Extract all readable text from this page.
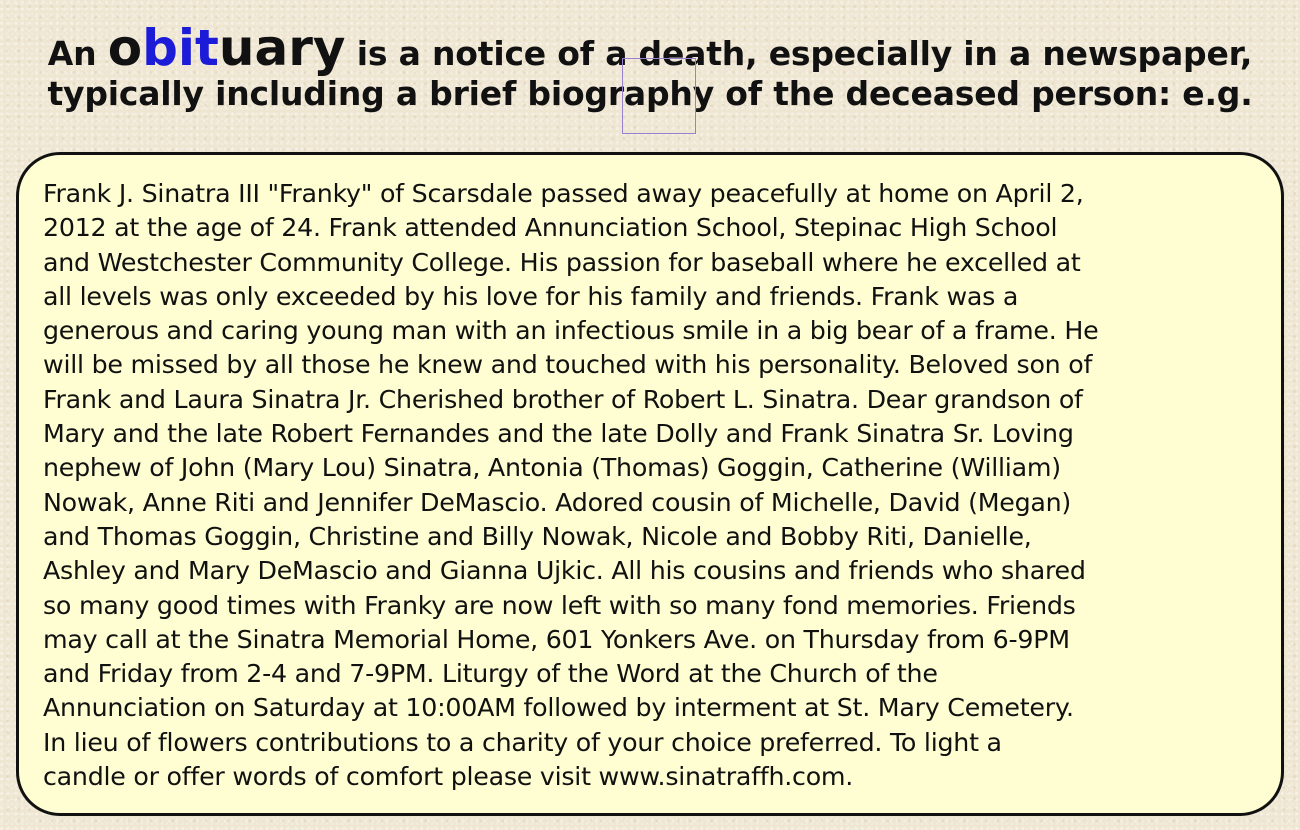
An obituary is a notice of a death, especially in a newspaper,
typically including a brief biography of the deceased person: e.g.

Frank J. Sinatra III "Franky" of Scarsdale passed away peacefully at home on April 2,
2012 at the age of 24. Frank attended Annunciation School, Stepinac High School
and Westchester Community College. His passion for baseball where he excelled at
all levels was only exceeded by his love for his family and friends. Frank was a
generous and caring young man with an infectious smile in a big bear of a frame. He
will be missed by all those he knew and touched with his personality. Beloved son of
Frank and Laura Sinatra Jr. Cherished brother of Robert L. Sinatra. Dear grandson of
Mary and the late Robert Fernandes and the late Dolly and Frank Sinatra Sr. Loving
nephew of John (Mary Lou) Sinatra, Antonia (Thomas) Goggin, Catherine (William)
Nowak, Anne Riti and Jennifer DeMascio. Adored cousin of Michelle, David (Megan)
and Thomas Goggin, Christine and Billy Nowak, Nicole and Bobby Riti, Danielle,
Ashley and Mary DeMascio and Gianna Ujkic. All his cousins and friends who shared
so many good times with Franky are now left with so many fond memories. Friends
may call at the Sinatra Memorial Home, 601 Yonkers Ave. on Thursday from 6-9PM
and Friday from 2-4 and 7-9PM. Liturgy of the Word at the Church of the
Annunciation on Saturday at 10:00AM followed by interment at St. Mary Cemetery.
In lieu of flowers contributions to a charity of your choice preferred. To light a
candle or offer words of comfort please visit www.sinatraffh.com.
